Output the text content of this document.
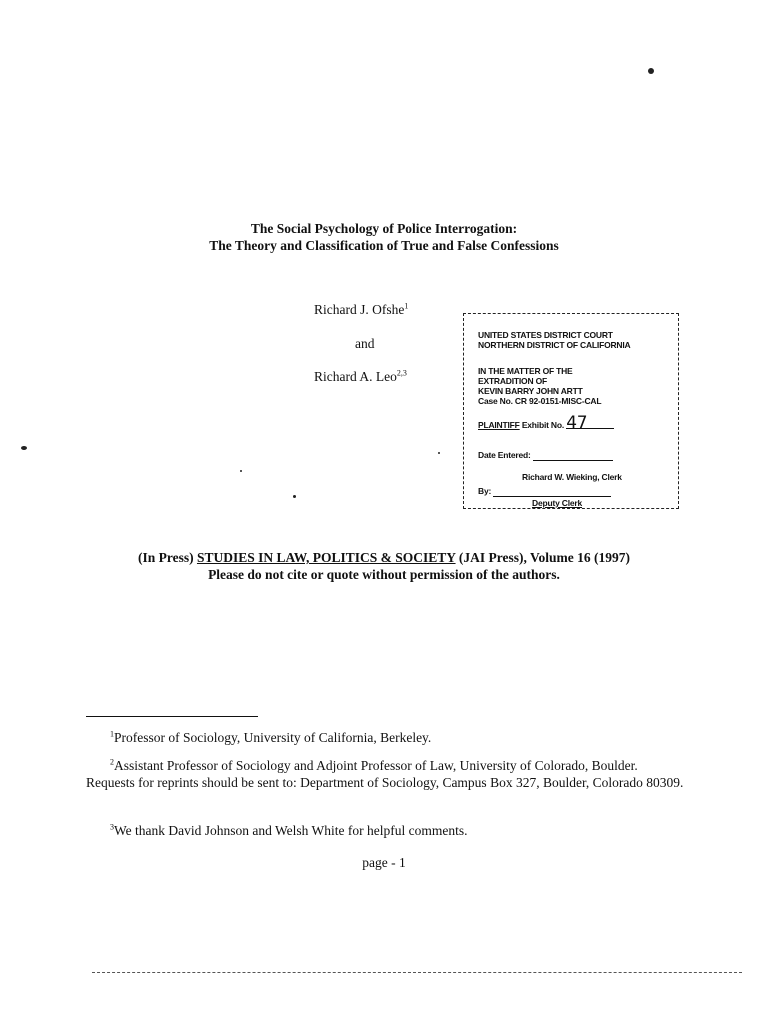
The Social Psychology of Police Interrogation:
The Theory and Classification of True and False Confessions
Richard J. Ofshe$^1$
and
Richard A. Leo$^{2,3}$
UNITED STATES DISTRICT COURT
NORTHERN DISTRICT OF CALIFORNIA
IN THE MATTER OF THE
EXTRADITION OF
KEVIN BARRY JOHN ARTT
Case No. CR 92-0151-MISC-CAL
PLAINTIFF Exhibit No. 47
Date Entered:
Richard W. Wieking, Clerk
By:
Deputy Clerk
(In Press) STUDIES IN LAW, POLITICS & SOCIETY (JAI Press), Volume 16 (1997)
Please do not cite or quote without permission of the authors.
$^1$Professor of Sociology, University of California, Berkeley.
$^2$Assistant Professor of Sociology and Adjoint Professor of Law, University of Colorado, Boulder. Requests for reprints should be sent to: Department of Sociology, Campus Box 327, Boulder, Colorado 80309.
$^3$We thank David Johnson and Welsh White for helpful comments.
page - 1
